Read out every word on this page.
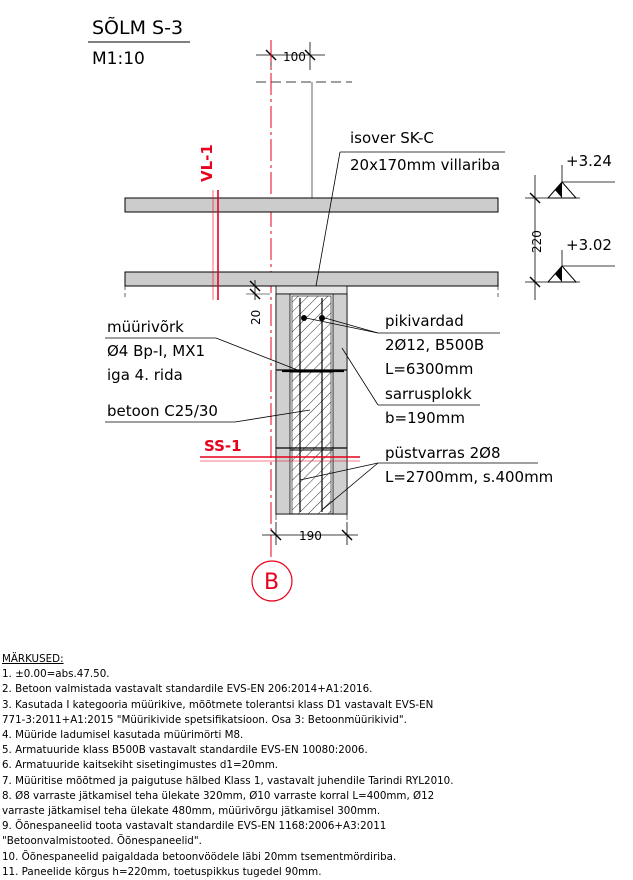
SÕLM S-3
M1:10	100
VL-1
20
220
+3.24
+3.02
isover SK-C
20x170mm villariba
müürivõrk
Ø4 Bp-I, MX1
iga 4. rida
betoon C25/30
pikivardad
2Ø12, B500B
L=6300mm
sarrusplokk
b=190mm
SS-1	püstvarras 2Ø8
L=2700mm, s.400mm
190
B
MÄRKUSED:
1. ±0.00=abs.47.50.
2. Betoon valmistada vastavalt standardile EVS-EN 206:2014+A1:2016.
3. Kasutada I kategooria müürikive, mõõtmete tolerantsi klass D1 vastavalt EVS-EN
771-3:2011+A1:2015 "Müürikivide spetsifikatsioon. Osa 3: Betoonmüürikivid".
4. Müüride ladumisel kasutada müürimörti M8.
5. Armatuuride klass B500B vastavalt standardile EVS-EN 10080:2006.
6. Armatuuride kaitsekiht sisetingimustes d1=20mm.
7. Müüritise mõõtmed ja paigutuse hälbed Klass 1, vastavalt juhendile Tarindi RYL2010.
8. Ø8 varraste jätkamisel teha ülekate 320mm, Ø10 varraste korral L=400mm, Ø12
varraste jätkamisel teha ülekate 480mm, müürivõrgu jätkamisel 300mm.
9. Õõnespaneelid toota vastavalt standardile EVS-EN 1168:2006+A3:2011
"Betoonvalmistooted. Õõnespaneelid".
10. Õõnespaneelid paigaldada betoonvöödele läbi 20mm tsementmördiriba.
11. Paneelide kõrgus h=220mm, toetuspikkus tugedel 90mm.
